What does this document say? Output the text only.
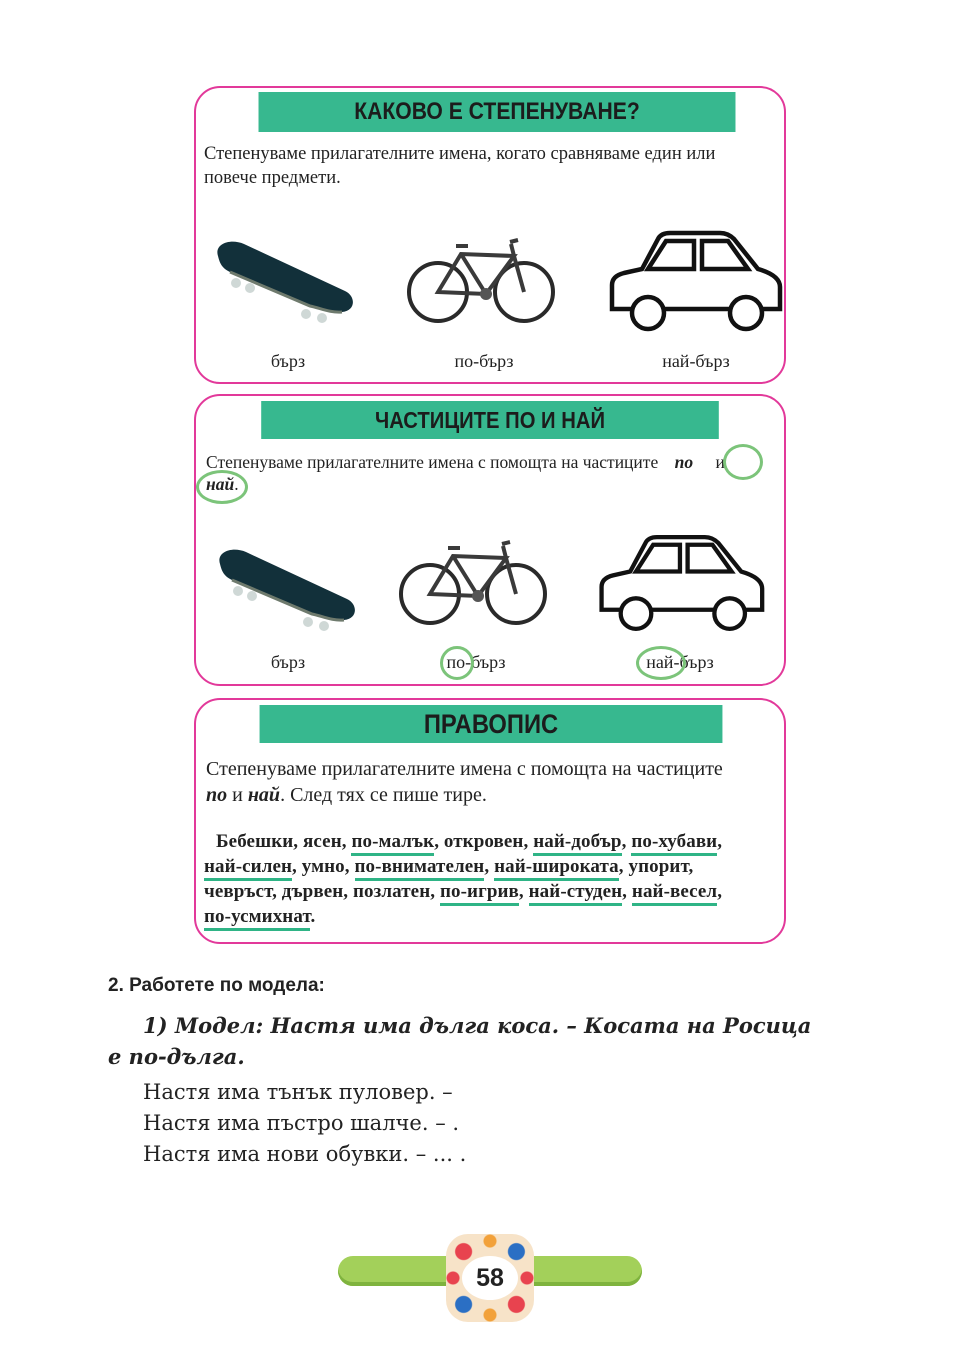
КАКОВО Е СТЕПЕНУВАНЕ?
Степенуваме прилагателните имена, когато сравняваме един или
повече предмети.
бърз	по-бърз	най-бърз
ЧАСТИЦИТЕ ПО И НАЙ
Степенуваме прилагателните имена с помощта на частиците по и
най.
бърз	по-бърз	най-бърз
ПРАВОПИС
Степенуваме прилагателните имена с помощта на частиците
по и най. След тях се пише тире.
Бебешки, ясен, по-малък, откровен, най-добър, по-хубави,
най-силен, умно, по-внимателен, най-широката, упорит,
чевръст, дървен, позлатен, по-игрив, най-студен, най-весел,
по-усмихнат.
2. Работете по модела:
1) Модел: Настя има дълга коса. – Косата на Росица
е по-дълга.
Настя има тънък пуловер. –
Настя има пъстро шалче. – .
Настя има нови обувки. – ... .
58
